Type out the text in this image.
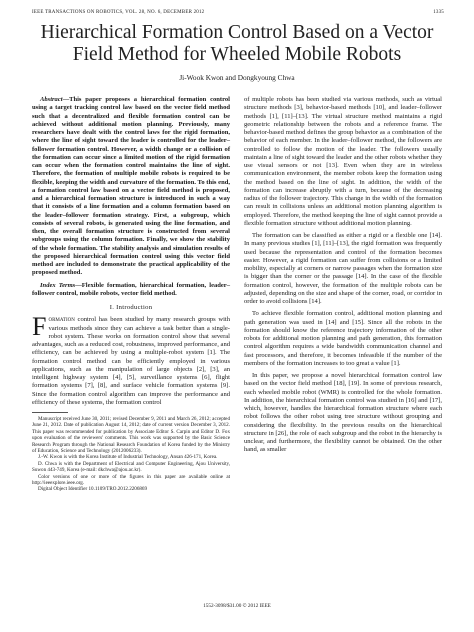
IEEE TRANSACTIONS ON ROBOTICS, VOL. 28, NO. 6, DECEMBER 2012	1335
Hierarchical Formation Control Based on a Vector Field Method for Wheeled Mobile Robots
Ji-Wook Kwon and Dongkyoung Chwa

Abstract—This paper proposes a hierarchical formation control using a target tracking control law based on the vector field method such that a decentralized and flexible formation control can be achieved without additional motion planning. Previously, many researchers have dealt with the control laws for the rigid formation, where the line of sight toward the leader is controlled for the leader–follower formation control. However, a width change or a collision of the formation can occur since a limited motion of the rigid formation can occur when the formation control maintains the line of sight. Therefore, the formation of multiple mobile robots is required to be flexible, keeping the width and curvature of the formation. To this end, a formation control law based on a vector field method is proposed, and a hierarchical formation structure is introduced in such a way that it consists of a line formation and a column formation based on the leader–follower formation strategy. First, a subgroup, which consists of several robots, is generated using the line formation, and then, the overall formation structure is constructed from several subgroups using the column formation. Finally, we show the stability of the whole formation. The stability analysis and simulation results of the proposed hierarchical formation control using this vector field method are included to demonstrate the practical applicability of the proposed method.

Index Terms—Flexible formation, hierarchical formation, leader–follower control, mobile robots, vector field method.

I. Introduction

Formation control has been studied by many research groups with various methods since they can achieve a task better than a single-robot system. These works on formation control show that several advantages, such as a reduced cost, robustness, improved performance, and efficiency, can be achieved by using a multiple-robot system [1]. The formation control method can be efficiently employed in various applications, such as the manipulation of large objects [2], [3], an intelligent highway system [4], [5], surveillance systems [6], flight formation systems [7], [8], and surface vehicle formation systems [9]. Since the formation control algorithm can improve the performance and efficiency of these systems, the formation control

Manuscript received June 30, 2011; revised December 9, 2011 and March 26, 2012; accepted June 21, 2012. Date of publication August 14, 2012; date of current version December 3, 2012. This paper was recommended for publication by Associate Editor S. Carpin and Editor D. Fox upon evaluation of the reviewers' comments. This work was supported by the Basic Science Research Program through the National Research Foundation of Korea funded by the Ministry of Education, Science and Technology (2012006233).

J.-W. Kwon is with the Korea Institute of Industrial Technology, Ansan 426-171, Korea.

D. Chwa is with the Department of Electrical and Computer Engineering, Ajou University, Suwon 443-749, Korea (e-mail: dkchwa@ajou.ac.kr).

Color versions of one or more of the figures in this paper are available online at http://ieeexplore.ieee.org.

Digital Object Identifier 10.1109/TRO.2012.2206869

of multiple robots has been studied via various methods, such as virtual structure methods [3], behavior-based methods [10], and leader–follower methods [1], [11]–[13]. The virtual structure method maintains a rigid geometric relationship between the robots and a reference frame. The behavior-based method defines the group behavior as a combination of the behavior of each member. In the leader–follower method, the followers are controlled to follow the motion of the leader. The followers usually maintain a line of sight toward the leader and the other robots whether they use visual sensors or not [13]. Even when they are in wireless communication environment, the member robots keep the formation using the method based on the line of sight. In addition, the width of the formation can increase abruptly with a turn, because of the decreasing radius of the follower trajectory. This change in the width of the formation can result in collisions unless an additional motion planning algorithm is employed. Therefore, the method keeping the line of sight cannot provide a flexible formation structure without additional motion planning.

The formation can be classified as either a rigid or a flexible one [14]. In many previous studies [1], [11]–[13], the rigid formation was frequently used because the representation and control of the formation becomes easier. However, a rigid formation can suffer from collisions or a limited mobility, especially at corners or narrow passages when the formation size is bigger than the corner or the passage [14]. In the case of the flexible formation control, however, the formation of the multiple robots can be adjusted, depending on the size and shape of the corner, road, or corridor in order to avoid collisions [14].

To achieve flexible formation control, additional motion planning and path generation was used in [14] and [15]. Since all the robots in the formation should know the reference trajectory information of the other robots for additional motion planning and path generation, this formation control algorithm requires a wide bandwidth communication channel and fast processors, and therefore, it becomes infeasible if the number of the members of the formation increases to too great a value [1].

In this paper, we propose a novel hierarchical formation control law based on the vector field method [18], [19]. In some of previous research, each wheeled mobile robot (WMR) is controlled for the whole formation. In addition, the hierarchical formation control was studied in [16] and [17], which, however, handles the hierarchical formation structure where each robot follows the other robot using tree structure without grouping and considering the flexibility. In the previous results on the hierarchical structure in [26], the role of each subgroup and the robot in the hierarchy is unclear, and furthermore, the flexibility cannot be obtained. On the other hand, as smaller

1552-3098/$31.00 © 2012 IEEE
